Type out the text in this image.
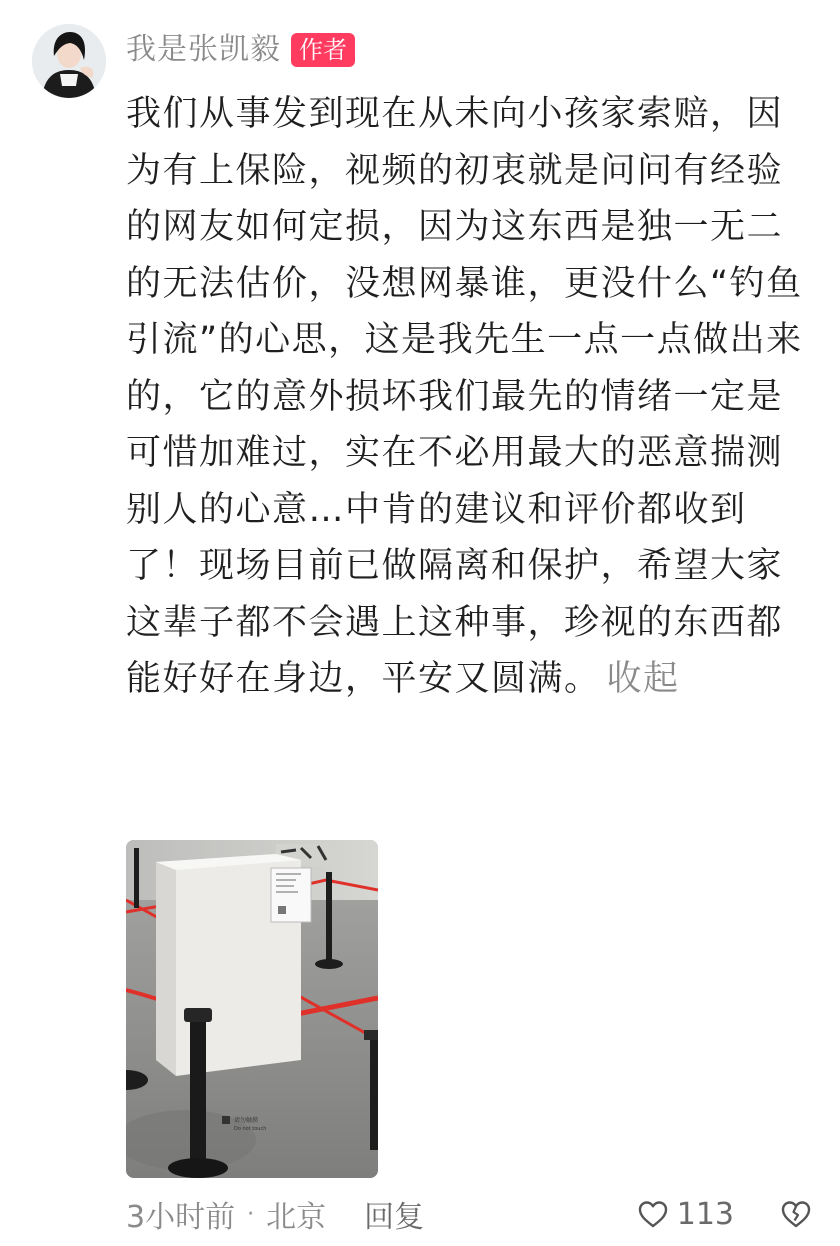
我是张凯毅 作者
我们从事发到现在从未向小孩家索赔，因为有上保险，视频的初衷就是问问有经验的网友如何定损，因为这东西是独一无二的无法估价，没想网暴谁，更没什么“钓鱼引流”的心思，这是我先生一点一点做出来的，它的意外损坏我们最先的情绪一定是可惜加难过，实在不必用最大的恶意揣测别人的心意…中肯的建议和评价都收到了！现场目前已做隔离和保护，希望大家这辈子都不会遇上这种事，珍视的东西都能好好在身边，平安又圆满。 收起
请勿触摸
Do not touch
3小时前 · 北京 回复	113
